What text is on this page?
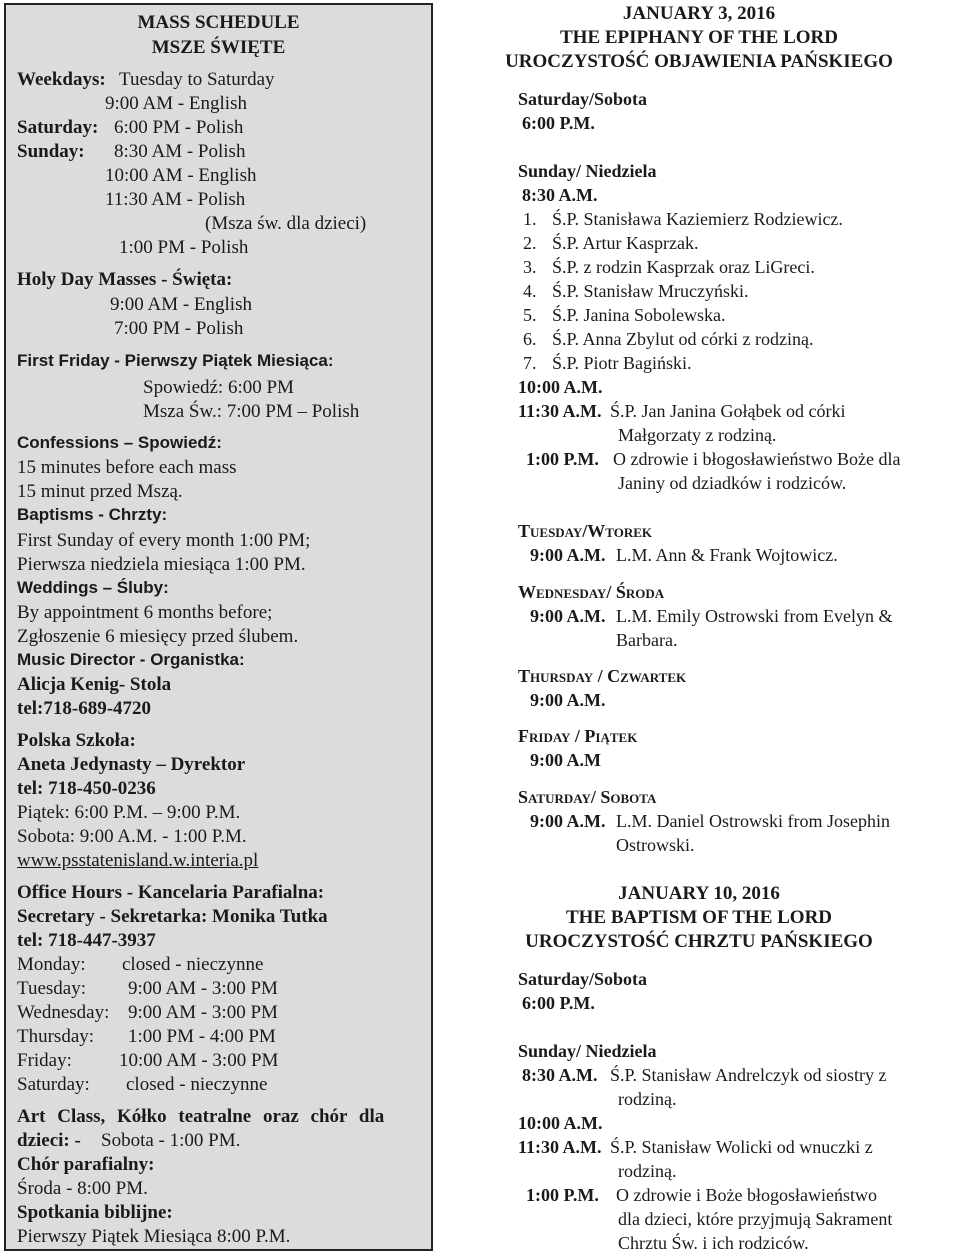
MASS SCHEDULE
MSZE ŚWIĘTE
Weekdays: Tuesday to Saturday
9:00 AM - English
Saturday: 6:00 PM - Polish
Sunday: 8:30 AM - Polish
10:00 AM - English
11:30 AM - Polish
(Msza św. dla dzieci)
1:00 PM - Polish
Holy Day Masses - Święta:
9:00 AM - English
7:00 PM - Polish
First Friday - Pierwszy Piątek Miesiąca:
Spowiedź: 6:00 PM
Msza Św.: 7:00 PM – Polish
Confessions – Spowiedź:
15 minutes before each mass
15 minut przed Mszą.
Baptisms - Chrzty:
First Sunday of every month 1:00 PM;
Pierwsza niedziela miesiąca 1:00 PM.
Weddings – Śluby:
By appointment 6 months before;
Zgłoszenie 6 miesięcy przed ślubem.
Music Director - Organistka:
Alicja Kenig- Stola
tel:718-689-4720
Polska Szkoła:
Aneta Jedynasty – Dyrektor
tel: 718-450-0236
Piątek: 6:00 P.M. – 9:00 P.M.
Sobota: 9:00 A.M. - 1:00 P.M.
www.psstatenisland.w.interia.pl
Office Hours - Kancelaria Parafialna:
Secretary - Sekretarka: Monika Tutka
tel: 718-447-3937
Monday: closed - nieczynne
Tuesday: 9:00 AM - 3:00 PM
Wednesday: 9:00 AM - 3:00 PM
Thursday: 1:00 PM - 4:00 PM
Friday: 10:00 AM - 3:00 PM
Saturday: closed - nieczynne
Art Class, Kółko teatralne oraz chór dla
dzieci: - Sobota - 1:00 PM.
Chór parafialny:
Środa - 8:00 PM.
Spotkania biblijne:
Pierwszy Piątek Miesiąca 8:00 P.M.
JANUARY 3, 2016
THE EPIPHANY OF THE LORD
UROCZYSTOŚĆ OBJAWIENIA PAŃSKIEGO
Saturday/Sobota
6:00 P.M.
Sunday/ Niedziela
8:30 A.M.
1. Ś.P. Stanisława Kaziemierz Rodziewicz.
2. Ś.P. Artur Kasprzak.
3. Ś.P. z rodzin Kasprzak oraz LiGreci.
4. Ś.P. Stanisław Mruczyński.
5. Ś.P. Janina Sobolewska.
6. Ś.P. Anna Zbylut od córki z rodziną.
7. Ś.P. Piotr Bagiński.
10:00 A.M.
11:30 A.M. Ś.P. Jan Janina Gołąbek od córki
Małgorzaty z rodziną.
1:00 P.M. O zdrowie i błogosławieństwo Boże dla
Janiny od dziadków i rodziców.
Tuesday/Wtorek
9:00 A.M. L.M. Ann & Frank Wojtowicz.
Wednesday/ Środa
9:00 A.M. L.M. Emily Ostrowski from Evelyn &
Barbara.
Thursday / Czwartek
9:00 A.M.
Friday / Piątek
9:00 A.M
Saturday/ Sobota
9:00 A.M. L.M. Daniel Ostrowski from Josephin
Ostrowski.
JANUARY 10, 2016
THE BAPTISM OF THE LORD
UROCZYSTOŚĆ CHRZTU PAŃSKIEGO
Saturday/Sobota
6:00 P.M.
Sunday/ Niedziela
8:30 A.M. Ś.P. Stanisław Andrelczyk od siostry z
rodziną.
10:00 A.M.
11:30 A.M. Ś.P. Stanisław Wolicki od wnuczki z
rodziną.
1:00 P.M. O zdrowie i Boże błogosławieństwo
dla dzieci, które przyjmują Sakrament
Chrztu Św. i ich rodziców.
